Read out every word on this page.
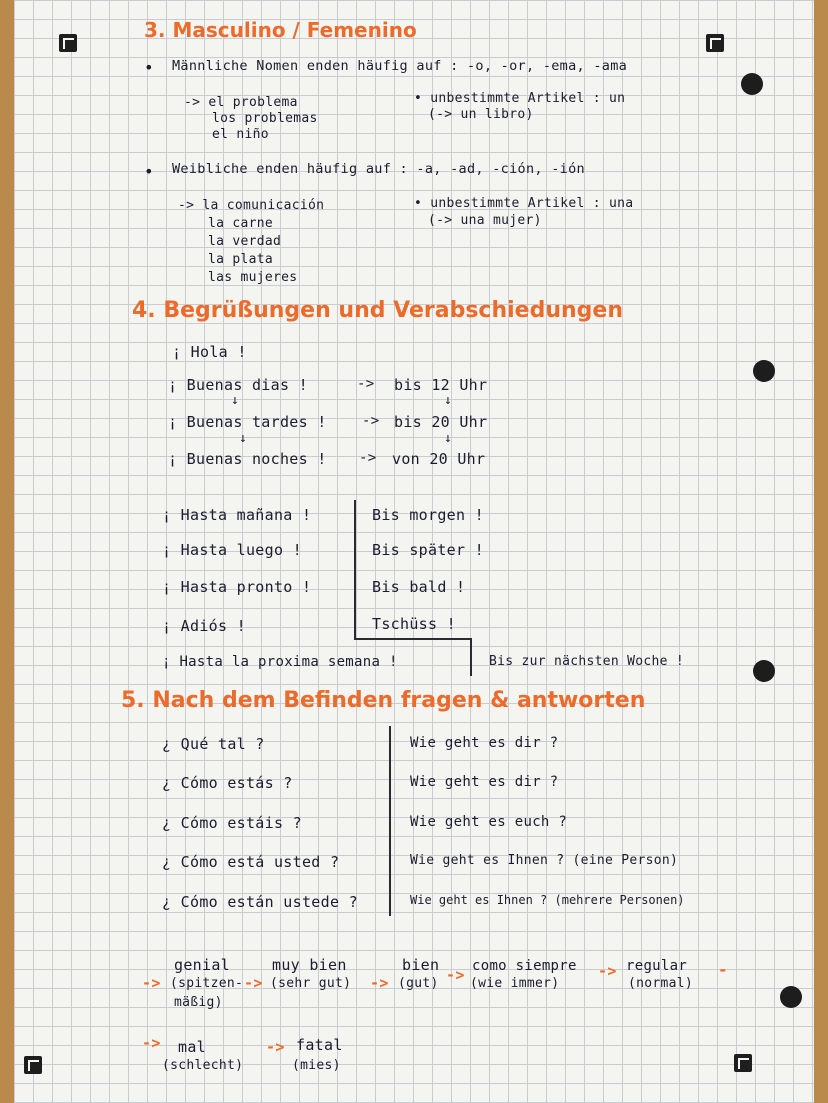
3. Masculino / Femenino
• Männliche Nomen enden häufig auf : -o, -or, -ema, -ama
-> el problema
los problemas
el niño
• unbestimmte Artikel : un
(-> un libro)
• Weibliche enden häufig auf : -a, -ad, -ción, -ión
-> la comunicación
la carne
la verdad
la plata
las mujeres
• unbestimmte Artikel : una
(-> una mujer)
4. Begrüßungen und Verabschiedungen
¡ Hola !
¡ Buenas dias !	-> bis 12 Uhr
↓	↓
¡ Buenas tardes !	-> bis 20 Uhr
↓	↓
¡ Buenas noches ! -> von 20 Uhr
¡ Hasta mañana !	Bis morgen !
¡ Hasta luego !	Bis später !
¡ Hasta pronto !	Bis bald !
¡ Adiós !	Tschüss !
¡ Hasta la proxima semana !	Bis zur nächsten Woche !
5. Nach dem Befinden fragen & antworten
¿ Qué tal ?	Wie geht es dir ?
¿ Cómo estás ?	Wie geht es dir ?
¿ Cómo estáis ?	Wie geht es euch ?
¿ Cómo está usted ?	Wie geht es Ihnen ? (eine Person)
¿ Cómo están ustede ?	Wie geht es Ihnen ? (mehrere Personen)
->
genial
(spitzen-
mäßig)
->
muy bien
(sehr gut) ->
bien
(gut) -> como siempre
(wie immer)
-> regular
(normal)
-
-> mal
(schlecht)
-> fatal
(mies)
